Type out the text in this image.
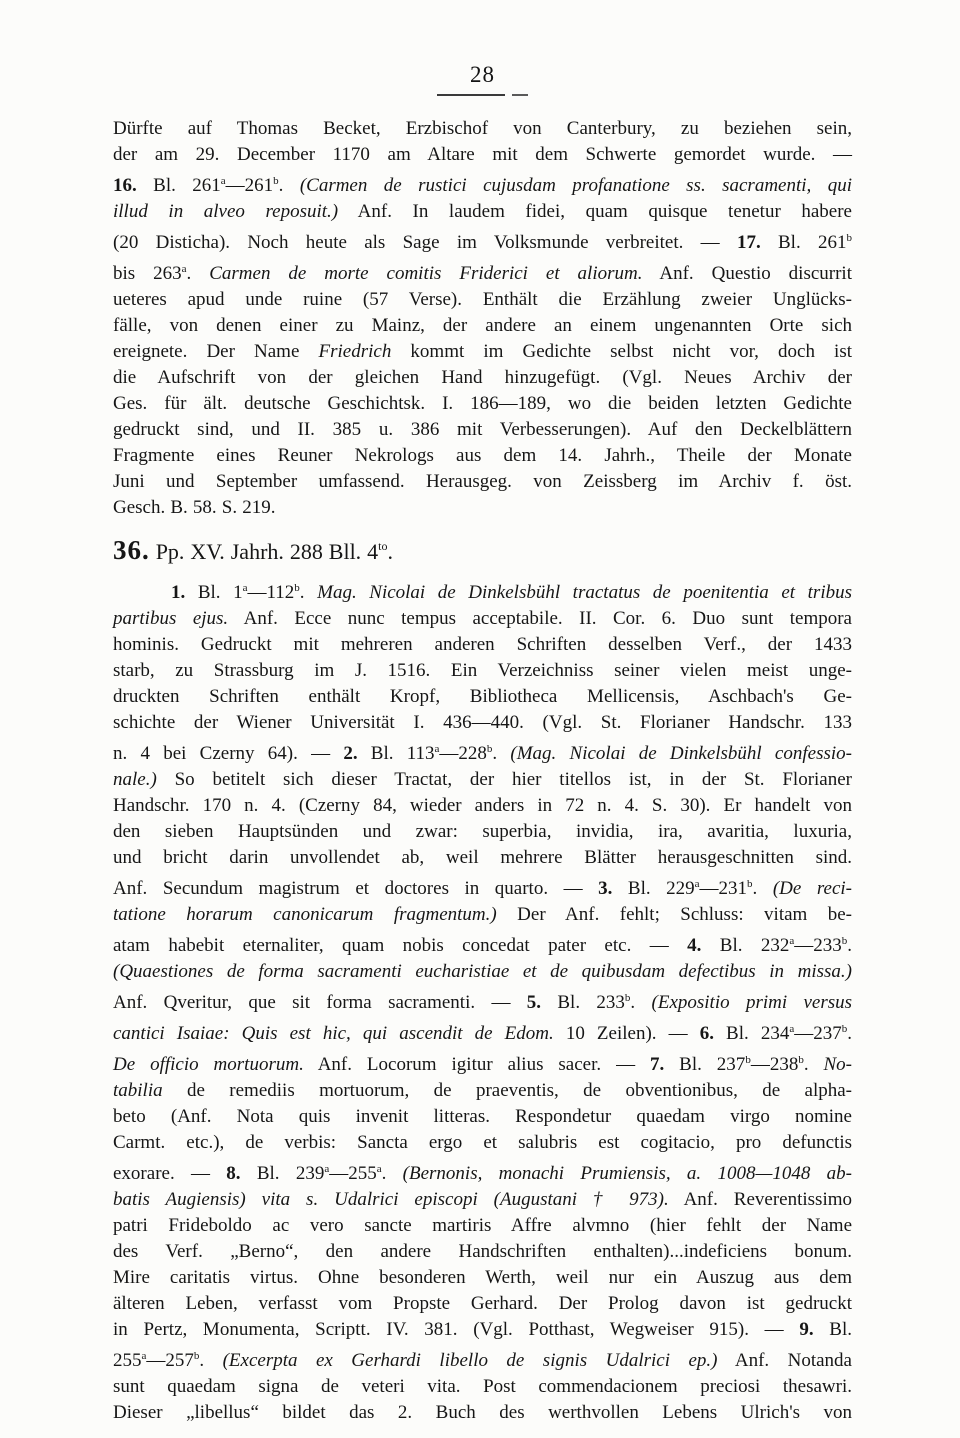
28
Dürfte auf Thomas Becket, Erzbischof von Canterbury, zu beziehen sein,
der am 29. December 1170 am Altare mit dem Schwerte gemordet wurde. —
16. Bl. 261$^a$—261$^b$. (Carmen de rustici cujusdam profanatione ss. sacramenti, qui
illud in alveo reposuit.) Anf. In laudem fidei, quam quisque tenetur habere
(20 Disticha). Noch heute als Sage im Volksmunde verbreitet. — 17. Bl. 261$^b$
bis 263$^a$. Carmen de morte comitis Friderici et aliorum. Anf. Questio discurrit
ueteres apud unde ruine (57 Verse). Enthält die Erzählung zweier Unglücks-
fälle, von denen einer zu Mainz, der andere an einem ungenannten Orte sich
ereignete. Der Name Friedrich kommt im Gedichte selbst nicht vor, doch ist
die Aufschrift von der gleichen Hand hinzugefügt. (Vgl. Neues Archiv der
Ges. für ält. deutsche Geschichtsk. I. 186—189, wo die beiden letzten Gedichte
gedruckt sind, und II. 385 u. 386 mit Verbesserungen). Auf den Deckelblättern
Fragmente eines Reuner Nekrologs aus dem 14. Jahrh., Theile der Monate
Juni und September umfassend. Herausgeg. von Zeissberg im Archiv f. öst.
Gesch. B. 58. S. 219.
36. Pp. XV. Jahrh. 288 Bll. $4^{to}$.
1. Bl. 1$^a$—112$^b$. Mag. Nicolai de Dinkelsbühl tractatus de poenitentia et tribus
partibus ejus. Anf. Ecce nunc tempus acceptabile. II. Cor. 6. Duo sunt tempora
hominis. Gedruckt mit mehreren anderen Schriften desselben Verf., der 1433
starb, zu Strassburg im J. 1516. Ein Verzeichniss seiner vielen meist unge-
druckten Schriften enthält Kropf, Bibliotheca Mellicensis, Aschbach's Ge-
schichte der Wiener Universität I. 436—440. (Vgl. St. Florianer Handschr. 133
n. 4 bei Czerny 64). — 2. Bl. 113$^a$—228$^b$. (Mag. Nicolai de Dinkelsbühl confessio-
nale.) So betitelt sich dieser Tractat, der hier titellos ist, in der St. Florianer
Handschr. 170 n. 4. (Czerny 84, wieder anders in 72 n. 4. S. 30). Er handelt von
den sieben Hauptsünden und zwar: superbia, invidia, ira, avaritia, luxuria,
und bricht darin unvollendet ab, weil mehrere Blätter herausgeschnitten sind.
Anf. Secundum magistrum et doctores in quarto. — 3. Bl. 229$^a$—231$^b$. (De reci-
tatione horarum canonicarum fragmentum.) Der Anf. fehlt; Schluss: vitam be-
atam habebit eternaliter, quam nobis concedat pater etc. — 4. Bl. 232$^a$—233$^b$.
(Quaestiones de forma sacramenti eucharistiae et de quibusdam defectibus in missa.)
Anf. Qveritur, que sit forma sacramenti. — 5. Bl. 233$^b$. (Expositio primi versus
cantici Isaiae: Quis est hic, qui ascendit de Edom. 10 Zeilen). — 6. Bl. 234$^a$—237$^b$.
De officio mortuorum. Anf. Locorum igitur alius sacer. — 7. Bl. 237$^b$—238$^b$. No-
tabilia de remediis mortuorum, de praeventis, de obventionibus, de alpha-
beto (Anf. Nota quis invenit litteras. Respondetur quaedam virgo nomine
Carmt. etc.), de verbis: Sancta ergo et salubris est cogitacio, pro defunctis
exorare. — 8. Bl. 239$^a$—255$^a$. (Bernonis, monachi Prumiensis, a. 1008—1048 ab-
batis Augiensis) vita s. Udalrici episcopi (Augustani † 973). Anf. Reverentissimo
patri Frideboldo ac vero sancte martiris Affre alvmno (hier fehlt der Name
des Verf. „Berno“, den andere Handschriften enthalten)...indeficiens bonum.
Mire caritatis virtus. Ohne besonderen Werth, weil nur ein Auszug aus dem
älteren Leben, verfasst vom Propste Gerhard. Der Prolog davon ist gedruckt
in Pertz, Monumenta, Scriptt. IV. 381. (Vgl. Potthast, Wegweiser 915). — 9. Bl.
255$^a$—257$^b$. (Excerpta ex Gerhardi libello de signis Udalrici ep.) Anf. Notanda
sunt quaedam signa de veteri vita. Post commendacionem preciosi thesawri.
Dieser „libellus“ bildet das 2. Buch des werthvollen Lebens Ulrich's von
